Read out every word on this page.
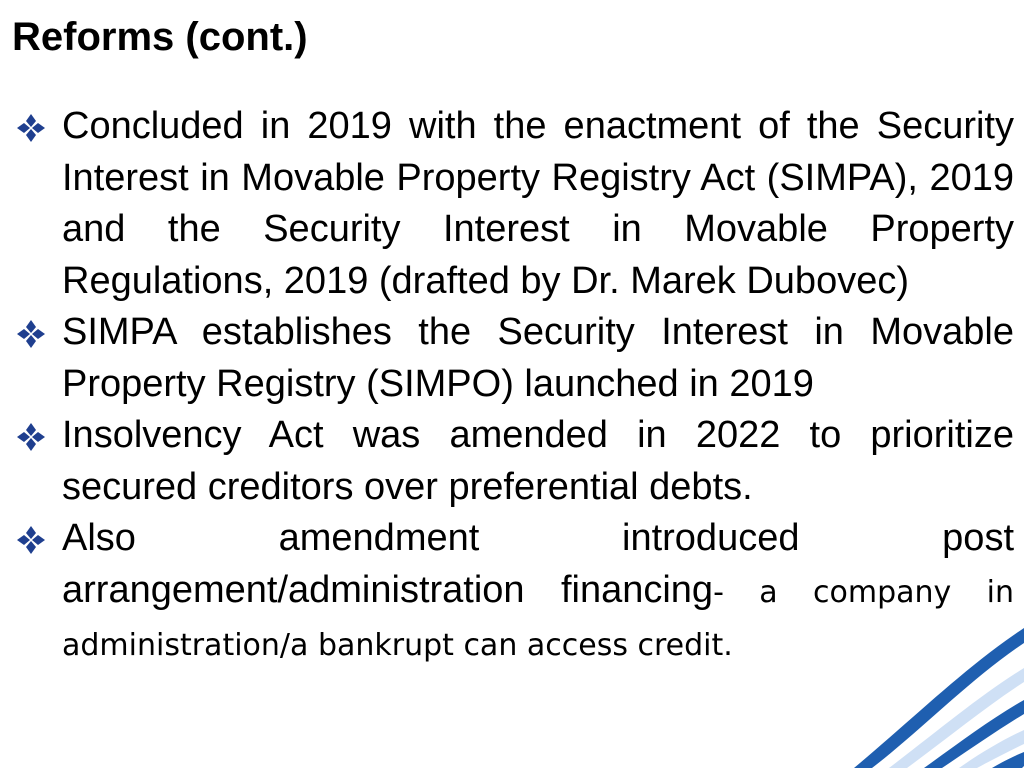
Reforms (cont.)
Concluded in 2019 with the enactment of the Security Interest in Movable Property Registry Act (SIMPA), 2019 and the Security Interest in Movable Property Regulations, 2019 (drafted by Dr. Marek Dubovec)
SIMPA establishes the Security Interest in Movable Property Registry (SIMPO) launched in 2019
Insolvency Act was amended in 2022 to prioritize secured creditors over preferential debts.
Also amendment introduced post arrangement/administration financing- a company in administration/a bankrupt can access credit.
